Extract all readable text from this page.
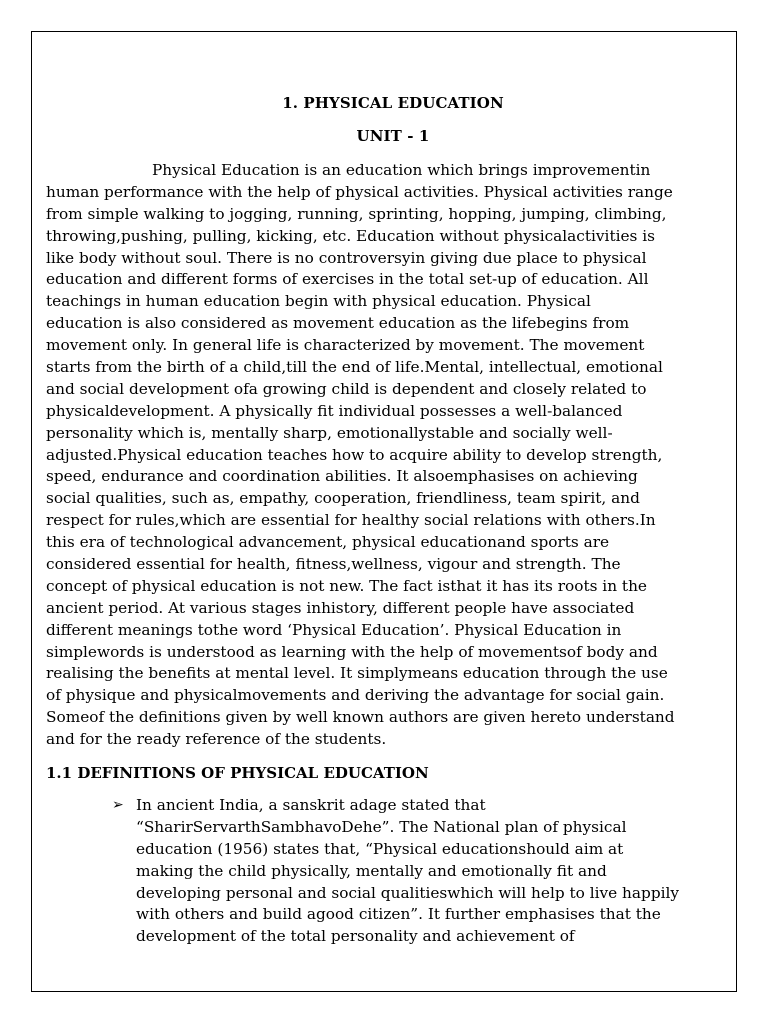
1. PHYSICAL EDUCATION
UNIT - 1
Physical Education is an education which brings improvementin
human performance with the help of physical activities. Physical activities range
from simple walking to jogging, running, sprinting, hopping, jumping, climbing,
throwing,pushing, pulling, kicking, etc. Education without physicalactivities is
like body without soul. There is no controversyin giving due place to physical
education and different forms of exercises in the total set-up of education. All
teachings in human education begin with physical education. Physical
education is also considered as movement education as the lifebegins from
movement only. In general life is characterized by movement. The movement
starts from the birth of a child,till the end of life.Mental, intellectual, emotional
and social development ofa growing child is dependent and closely related to
physicaldevelopment. A physically fit individual possesses a well-balanced
personality which is, mentally sharp, emotionallystable and socially well-
adjusted.Physical education teaches how to acquire ability to develop strength,
speed, endurance and coordination abilities. It alsoemphasises on achieving
social qualities, such as, empathy, cooperation, friendliness, team spirit, and
respect for rules,which are essential for healthy social relations with others.In
this era of technological advancement, physical educationand sports are
considered essential for health, fitness,wellness, vigour and strength. The
concept of physical education is not new. The fact isthat it has its roots in the
ancient period. At various stages inhistory, different people have associated
different meanings tothe word ‘Physical Education’. Physical Education in
simplewords is understood as learning with the help of movementsof body and
realising the benefits at mental level. It simplymeans education through the use
of physique and physicalmovements and deriving the advantage for social gain.
Someof the definitions given by well known authors are given hereto understand
and for the ready reference of the students.
1.1 DEFINITIONS OF PHYSICAL EDUCATION
➢ In ancient India, a sanskrit adage stated that
“SharirServarthSambhavoDehe”. The National plan of physical
education (1956) states that, “Physical educationshould aim at
making the child physically, mentally and emotionally fit and
developing personal and social qualitieswhich will help to live happily
with others and build agood citizen”. It further emphasises that the
development of the total personality and achievement of
